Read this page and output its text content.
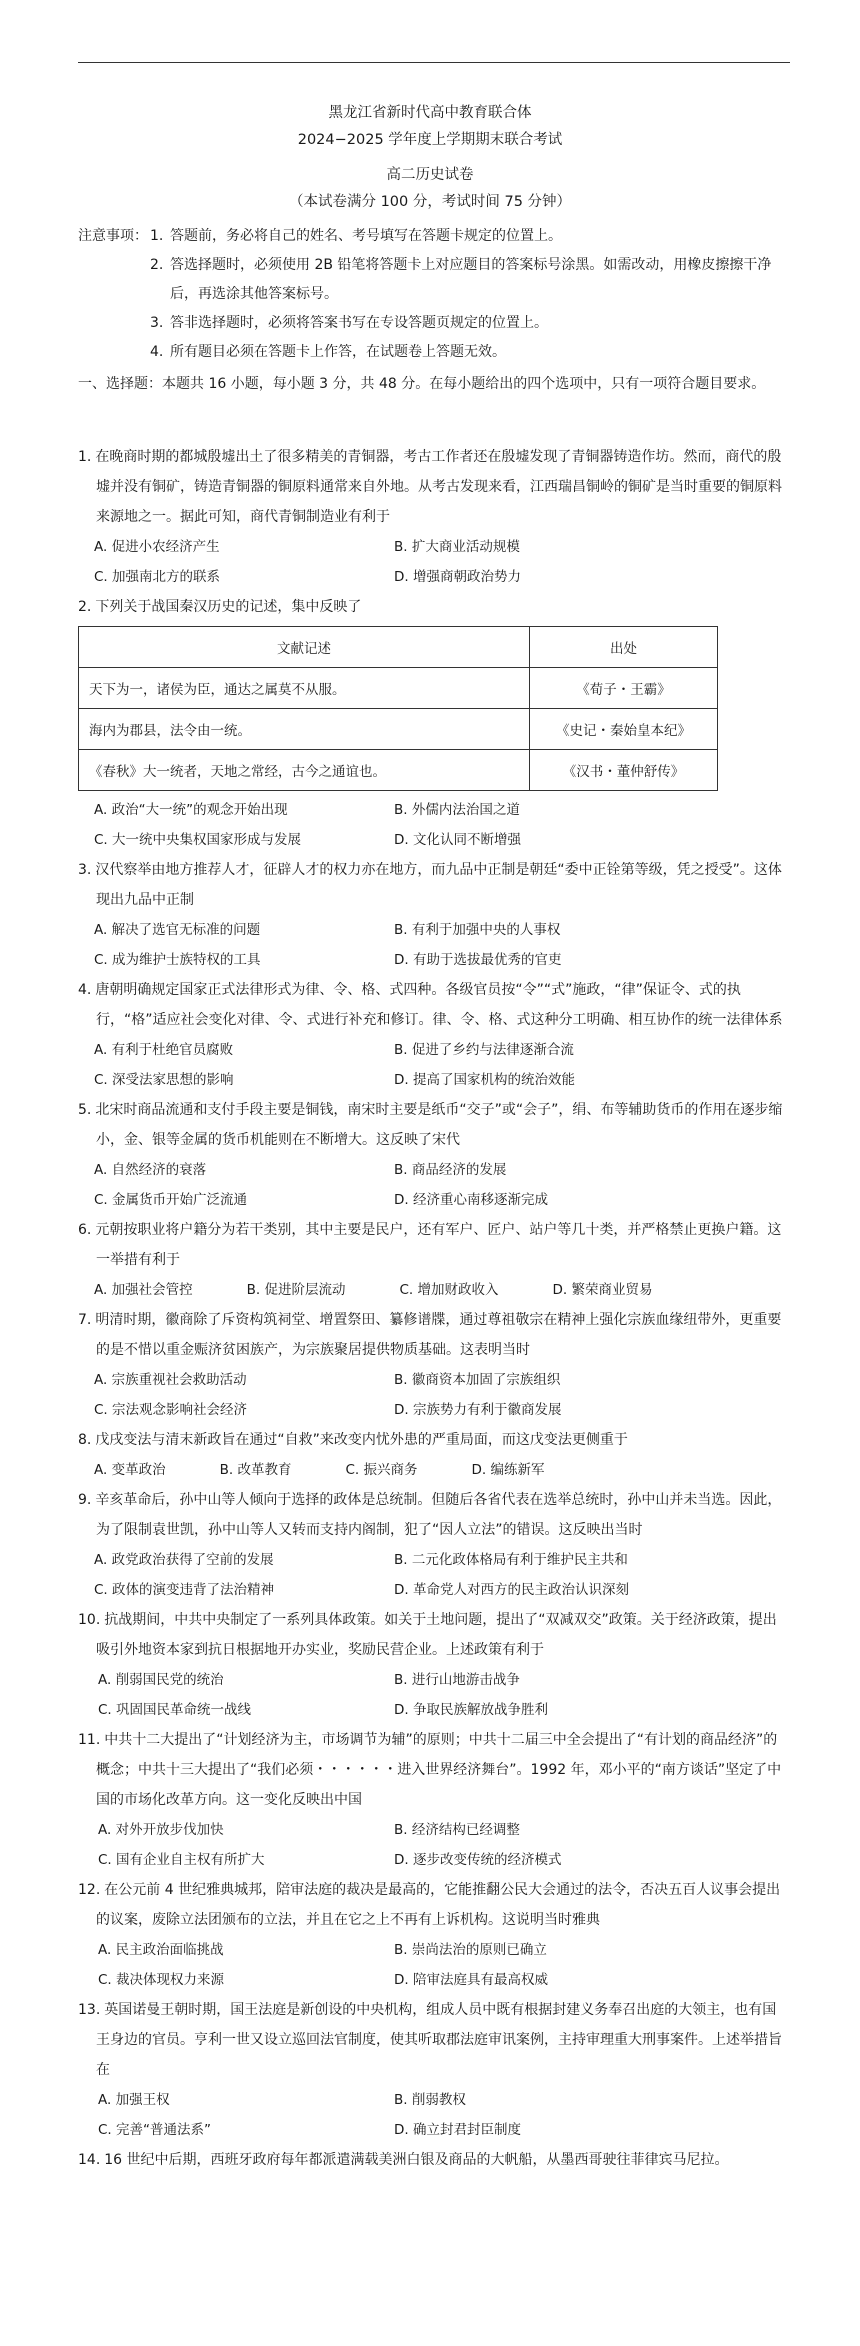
黑龙江省新时代高中教育联合体
2024−2025 学年度上学期期末联合考试
高二历史试卷
（本试卷满分 100 分，考试时间 75 分钟）
注意事项： 1. 答题前，务必将自己的姓名、考号填写在答题卡规定的位置上。
2. 答选择题时，必须使用 2B 铅笔将答题卡上对应题目的答案标号涂黑。如需改动，用橡皮擦擦干净后，再选涂其他答案标号。
3. 答非选择题时，必须将答案书写在专设答题页规定的位置上。
4. 所有题目必须在答题卡上作答，在试题卷上答题无效。
一、选择题：本题共 16 小题，每小题 3 分，共 48 分。在每小题给出的四个选项中，只有一项符合题目要求。
1. 在晚商时期的都城殷墟出土了很多精美的青铜器，考古工作者还在殷墟发现了青铜器铸造作坊。然而，商代的殷墟并没有铜矿，铸造青铜器的铜原料通常来自外地。从考古发现来看，江西瑞昌铜岭的铜矿是当时重要的铜原料来源地之一。据此可知，商代青铜制造业有利于
A. 促进小农经济产生	B. 扩大商业活动规模
C. 加强南北方的联系	D. 增强商朝政治势力
2. 下列关于战国秦汉历史的记述，集中反映了
文献记述	出处
天下为一，诸侯为臣，通达之属莫不从服。	《荀子・王霸》
海内为郡县，法令由一统。	《史记・秦始皇本纪》
《春秋》大一统者，天地之常经，古今之通谊也。	《汉书・董仲舒传》
A. 政治“大一统”的观念开始出现	B. 外儒内法治国之道
C. 大一统中央集权国家形成与发展	D. 文化认同不断增强
3. 汉代察举由地方推荐人才，征辟人才的权力亦在地方，而九品中正制是朝廷“委中正铨第等级，凭之授受”。这体现出九品中正制
A. 解决了选官无标准的问题	B. 有利于加强中央的人事权
C. 成为维护士族特权的工具	D. 有助于选拔最优秀的官吏
4. 唐朝明确规定国家正式法律形式为律、令、格、式四种。各级官员按“令”“式”施政，“律”保证令、式的执行，“格”适应社会变化对律、令、式进行补充和修订。律、令、格、式这种分工明确、相互协作的统一法律体系
A. 有利于杜绝官员腐败	B. 促进了乡约与法律逐渐合流
C. 深受法家思想的影响	D. 提高了国家机构的统治效能
5. 北宋时商品流通和支付手段主要是铜钱，南宋时主要是纸币“交子”或“会子”，绢、布等辅助货币的作用在逐步缩小，金、银等金属的货币机能则在不断增大。这反映了宋代
A. 自然经济的衰落	B. 商品经济的发展
C. 金属货币开始广泛流通	D. 经济重心南移逐渐完成
6. 元朝按职业将户籍分为若干类别，其中主要是民户，还有军户、匠户、站户等几十类，并严格禁止更换户籍。这一举措有利于
A. 加强社会管控	B. 促进阶层流动	C. 增加财政收入	D. 繁荣商业贸易
7. 明清时期，徽商除了斥资构筑祠堂、增置祭田、纂修谱牒，通过尊祖敬宗在精神上强化宗族血缘纽带外，更重要的是不惜以重金赈济贫困族产，为宗族聚居提供物质基础。这表明当时
A. 宗族重视社会救助活动	B. 徽商资本加固了宗族组织
C. 宗法观念影响社会经济	D. 宗族势力有利于徽商发展
8. 戊戌变法与清末新政旨在通过“自救”来改变内忧外患的严重局面，而这戊变法更侧重于
A. 变革政治	B. 改革教育	C. 振兴商务	D. 编练新军
9. 辛亥革命后，孙中山等人倾向于选择的政体是总统制。但随后各省代表在选举总统时，孙中山并未当选。因此，为了限制袁世凯，孙中山等人又转而支持内阁制，犯了“因人立法”的错误。这反映出当时
A. 政党政治获得了空前的发展	B. 二元化政体格局有利于维护民主共和
C. 政体的演变违背了法治精神	D. 革命党人对西方的民主政治认识深刻
10. 抗战期间，中共中央制定了一系列具体政策。如关于土地问题，提出了“双减双交”政策。关于经济政策，提出吸引外地资本家到抗日根据地开办实业，奖励民营企业。上述政策有利于
A. 削弱国民党的统治	B. 进行山地游击战争
C. 巩固国民革命统一战线	D. 争取民族解放战争胜利
11. 中共十二大提出了“计划经济为主，市场调节为辅”的原则；中共十二届三中全会提出了“有计划的商品经济”的概念；中共十三大提出了“我们必须・・・・・・进入世界经济舞台”。1992 年，邓小平的“南方谈话”坚定了中国的市场化改革方向。这一变化反映出中国
A. 对外开放步伐加快	B. 经济结构已经调整
C. 国有企业自主权有所扩大	D. 逐步改变传统的经济模式
12. 在公元前 4 世纪雅典城邦，陪审法庭的裁决是最高的，它能推翻公民大会通过的法令，否决五百人议事会提出的议案，废除立法团颁布的立法，并且在它之上不再有上诉机构。这说明当时雅典
A. 民主政治面临挑战	B. 崇尚法治的原则已确立
C. 裁决体现权力来源	D. 陪审法庭具有最高权威
13. 英国诺曼王朝时期，国王法庭是新创设的中央机构，组成人员中既有根据封建义务奉召出庭的大领主，也有国王身边的官员。亨利一世又设立巡回法官制度，使其听取郡法庭审讯案例，主持审理重大刑事案件。上述举措旨在
A. 加强王权	B. 削弱教权
C. 完善“普通法系”	D. 确立封君封臣制度
14. 16 世纪中后期，西班牙政府每年都派遣满载美洲白银及商品的大帆船，从墨西哥驶往菲律宾马尼拉。
